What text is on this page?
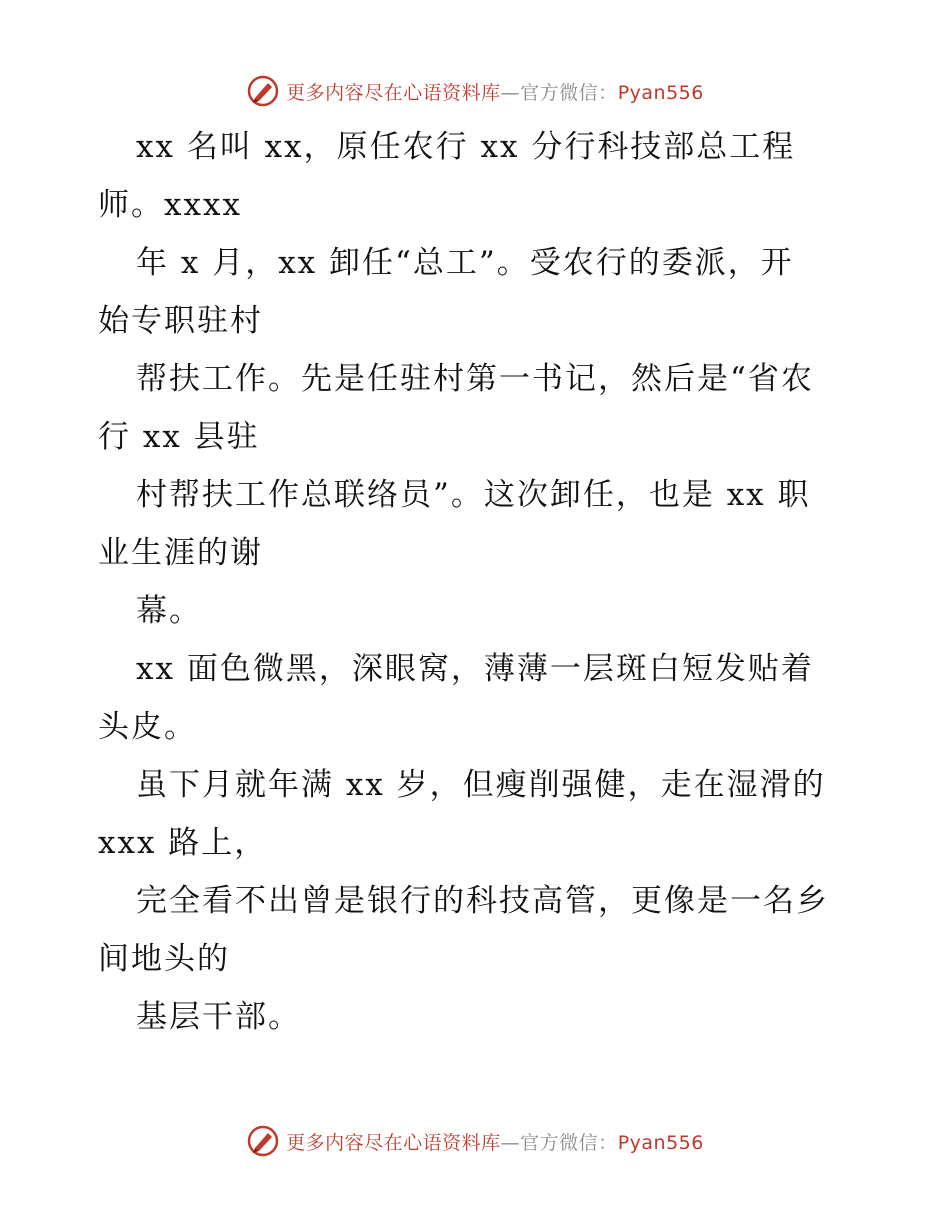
更多内容尽在心语资料库—官方微信：Pyan556
xx 名叫 xx，原任农行 xx 分行科技部总工程
师。xxxx
年 x 月，xx 卸任“总工”。受农行的委派，开
始专职驻村
帮扶工作。先是任驻村第一书记，然后是“省农
行 xx 县驻
村帮扶工作总联络员”。这次卸任，也是 xx 职
业生涯的谢
幕。
xx 面色微黑，深眼窝，薄薄一层斑白短发贴着
头皮。
虽下月就年满 xx 岁，但瘦削强健，走在湿滑的
xxx 路上，
完全看不出曾是银行的科技高管，更像是一名乡
间地头的
基层干部。
更多内容尽在心语资料库—官方微信：Pyan556
